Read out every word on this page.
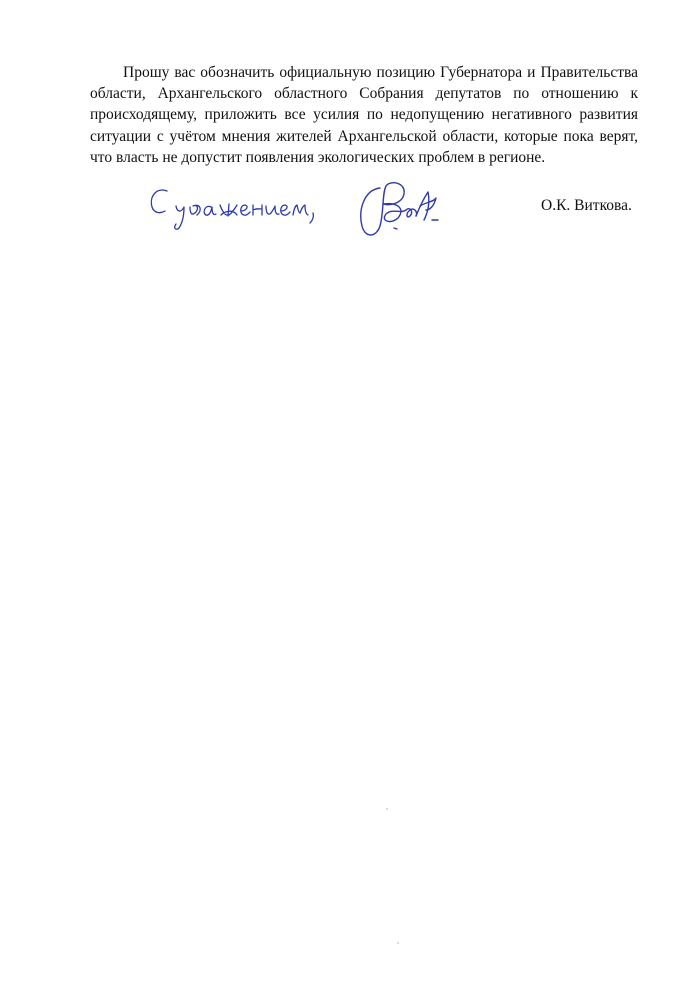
Прошу вас обозначить официальную позицию Губернатора и Правительства области, Архангельского областного Собрания депутатов по отношению к происходящему, приложить все усилия по недопущению негативного развития ситуации с учётом мнения жителей Архангельской области, которые пока верят, что власть не допустит появления экологических проблем в регионе.

О.К. Виткова.
